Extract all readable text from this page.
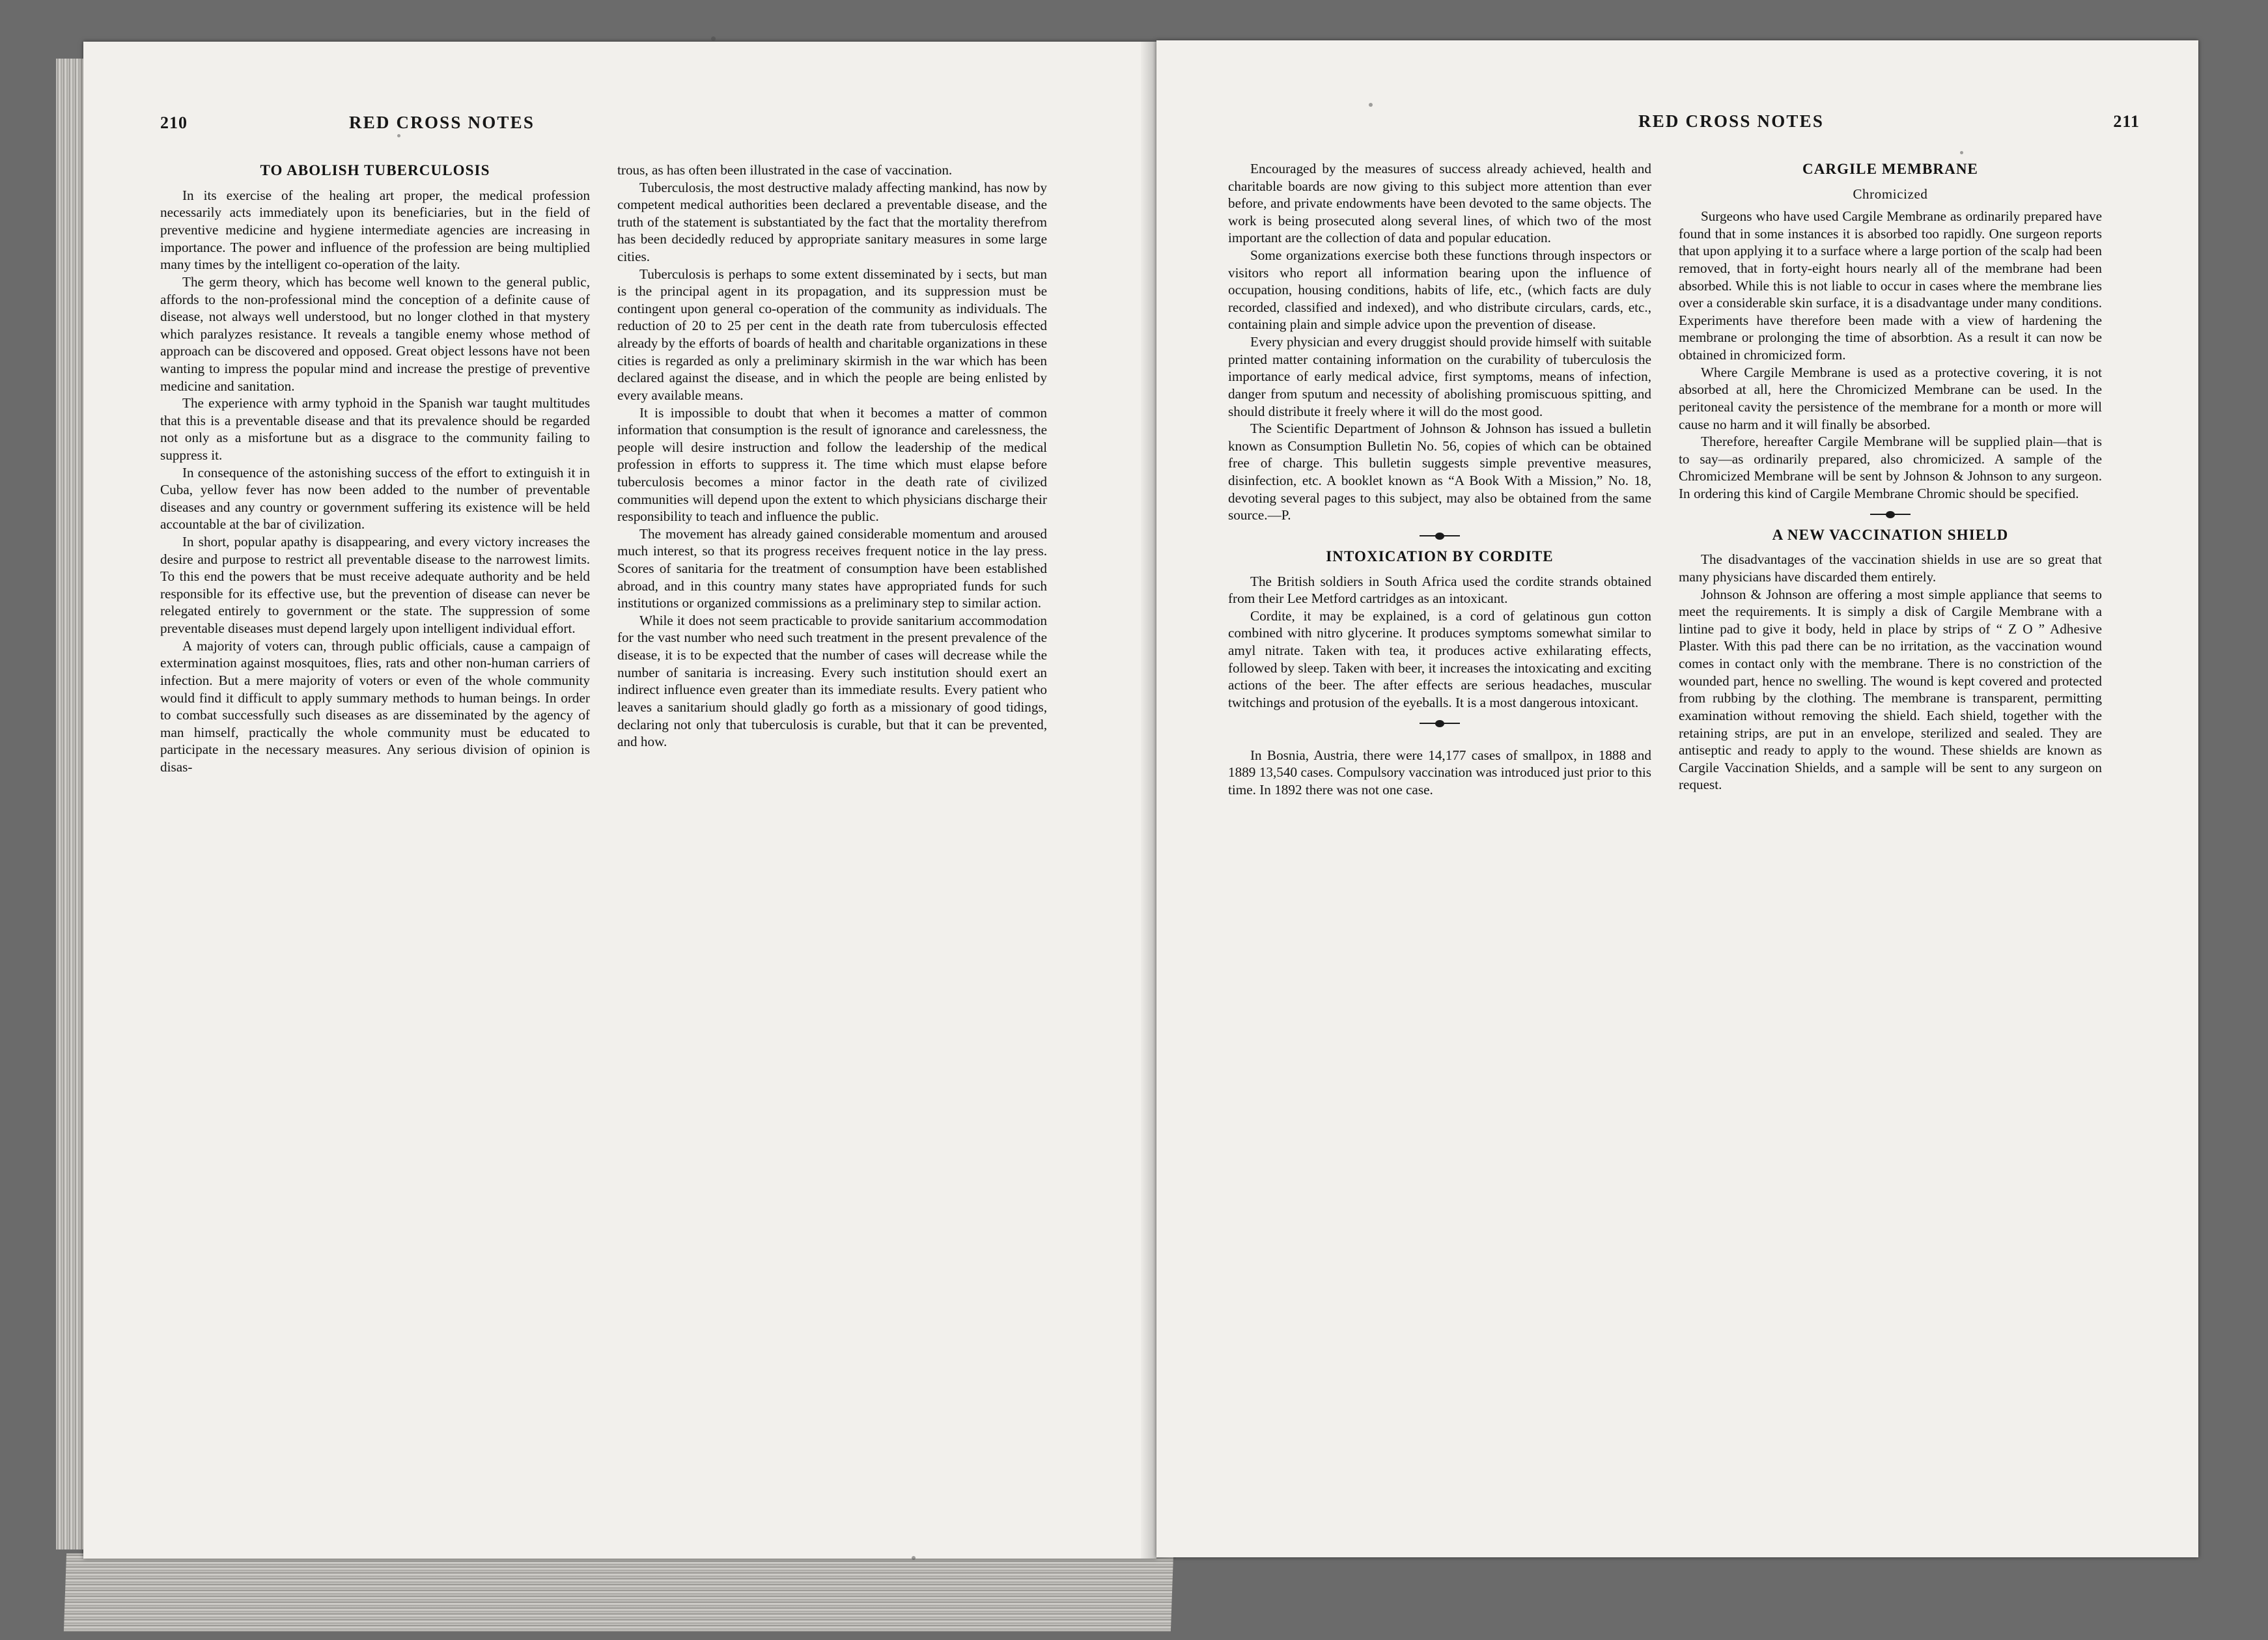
210	RED CROSS NOTES
TO ABOLISH TUBERCULOSIS

In its exercise of the healing art proper, the medical profession necessarily acts immediately upon its beneficiaries, but in the field of preventive medicine and hygiene intermediate agencies are increasing in importance. The power and influence of the profession are being multiplied many times by the intelligent co-operation of the laity.

The germ theory, which has become well known to the general public, affords to the non-professional mind the conception of a definite cause of disease, not always well understood, but no longer clothed in that mystery which paralyzes resistance. It reveals a tangible enemy whose method of approach can be discovered and opposed. Great object lessons have not been wanting to impress the popular mind and increase the prestige of preventive medicine and sanitation.

The experience with army typhoid in the Spanish war taught multitudes that this is a preventable disease and that its prevalence should be regarded not only as a misfortune but as a disgrace to the community failing to suppress it.

In consequence of the astonishing success of the effort to extinguish it in Cuba, yellow fever has now been added to the number of preventable diseases and any country or government suffering its existence will be held accountable at the bar of civilization.

In short, popular apathy is disappearing, and every victory increases the desire and purpose to restrict all preventable disease to the narrowest limits. To this end the powers that be must receive adequate authority and be held responsible for its effective use, but the prevention of disease can never be relegated entirely to government or the state. The suppression of some preventable diseases must depend largely upon intelligent individual effort.

A majority of voters can, through public officials, cause a campaign of extermination against mosquitoes, flies, rats and other non-human carriers of infection. But a mere majority of voters or even of the whole community would find it difficult to apply summary methods to human beings. In order to combat successfully such diseases as are disseminated by the agency of man himself, practically the whole community must be educated to participate in the necessary measures. Any serious division of opinion is disas-

trous, as has often been illustrated in the case of vaccination.

Tuberculosis, the most destructive malady affecting mankind, has now by competent medical authorities been declared a preventable disease, and the truth of the statement is substantiated by the fact that the mortality therefrom has been decidedly reduced by appropriate sanitary measures in some large cities.

Tuberculosis is perhaps to some extent disseminated by i sects, but man is the principal agent in its propagation, and its suppression must be contingent upon general co-operation of the community as individuals. The reduction of 20 to 25 per cent in the death rate from tuberculosis effected already by the efforts of boards of health and charitable organizations in these cities is regarded as only a preliminary skirmish in the war which has been declared against the disease, and in which the people are being enlisted by every available means.

It is impossible to doubt that when it becomes a matter of common information that consumption is the result of ignorance and carelessness, the people will desire instruction and follow the leadership of the medical profession in efforts to suppress it. The time which must elapse before tuberculosis becomes a minor factor in the death rate of civilized communities will depend upon the extent to which physicians discharge their responsibility to teach and influence the public.

The movement has already gained considerable momentum and aroused much interest, so that its progress receives frequent notice in the lay press. Scores of sanitaria for the treatment of consumption have been established abroad, and in this country many states have appropriated funds for such institutions or organized commissions as a preliminary step to similar action.

While it does not seem practicable to provide sanitarium accommodation for the vast number who need such treatment in the present prevalence of the disease, it is to be expected that the number of cases will decrease while the number of sanitaria is increasing. Every such institution should exert an indirect influence even greater than its immediate results. Every patient who leaves a sanitarium should gladly go forth as a missionary of good tidings, declaring not only that tuberculosis is curable, but that it can be prevented, and how.

RED CROSS NOTES	211

Encouraged by the measures of success already achieved, health and charitable boards are now giving to this subject more attention than ever before, and private endowments have been devoted to the same objects. The work is being prosecuted along several lines, of which two of the most important are the collection of data and popular education.

Some organizations exercise both these functions through inspectors or visitors who report all information bearing upon the influence of occupation, housing conditions, habits of life, etc., (which facts are duly recorded, classified and indexed), and who distribute circulars, cards, etc., containing plain and simple advice upon the prevention of disease.

Every physician and every druggist should provide himself with suitable printed matter containing information on the curability of tuberculosis the importance of early medical advice, first symptoms, means of infection, danger from sputum and necessity of abolishing promiscuous spitting, and should distribute it freely where it will do the most good.

The Scientific Department of Johnson & Johnson has issued a bulletin known as Consumption Bulletin No. 56, copies of which can be obtained free of charge. This bulletin suggests simple preventive measures, disinfection, etc. A booklet known as “A Book With a Mission,” No. 18, devoting several pages to this subject, may also be obtained from the same source.—P.

INTOXICATION BY CORDITE

The British soldiers in South Africa used the cordite strands obtained from their Lee Metford cartridges as an intoxicant.

Cordite, it may be explained, is a cord of gelatinous gun cotton combined with nitro glycerine. It produces symptoms somewhat similar to amyl nitrate. Taken with tea, it produces active exhilarating effects, followed by sleep. Taken with beer, it increases the intoxicating and exciting actions of the beer. The after effects are serious headaches, muscular twitchings and protusion of the eyeballs. It is a most dangerous intoxicant.

In Bosnia, Austria, there were 14,177 cases of smallpox, in 1888 and 1889 13,540 cases. Compulsory vaccination was introduced just prior to this time. In 1892 there was not one case.

CARGILE MEMBRANE
Chromicized

Surgeons who have used Cargile Membrane as ordinarily prepared have found that in some instances it is absorbed too rapidly. One surgeon reports that upon applying it to a surface where a large portion of the scalp had been removed, that in forty-eight hours nearly all of the membrane had been absorbed. While this is not liable to occur in cases where the membrane lies over a considerable skin surface, it is a disadvantage under many conditions. Experiments have therefore been made with a view of hardening the membrane or prolonging the time of absorbtion. As a result it can now be obtained in chromicized form.

Where Cargile Membrane is used as a protective covering, it is not absorbed at all, here the Chromicized Membrane can be used. In the peritoneal cavity the persistence of the membrane for a month or more will cause no harm and it will finally be absorbed.

Therefore, hereafter Cargile Membrane will be supplied plain—that is to say—as ordinarily prepared, also chromicized. A sample of the Chromicized Membrane will be sent by Johnson & Johnson to any surgeon. In ordering this kind of Cargile Membrane Chromic should be specified.

A NEW VACCINATION SHIELD

The disadvantages of the vaccination shields in use are so great that many physicians have discarded them entirely.

Johnson & Johnson are offering a most simple appliance that seems to meet the requirements. It is simply a disk of Cargile Membrane with a lintine pad to give it body, held in place by strips of “ Z O ” Adhesive Plaster. With this pad there can be no irritation, as the vaccination wound comes in contact only with the membrane. There is no constriction of the wounded part, hence no swelling. The wound is kept covered and protected from rubbing by the clothing. The membrane is transparent, permitting examination without removing the shield. Each shield, together with the retaining strips, are put in an envelope, sterilized and sealed. They are antiseptic and ready to apply to the wound. These shields are known as Cargile Vaccination Shields, and a sample will be sent to any surgeon on request.
